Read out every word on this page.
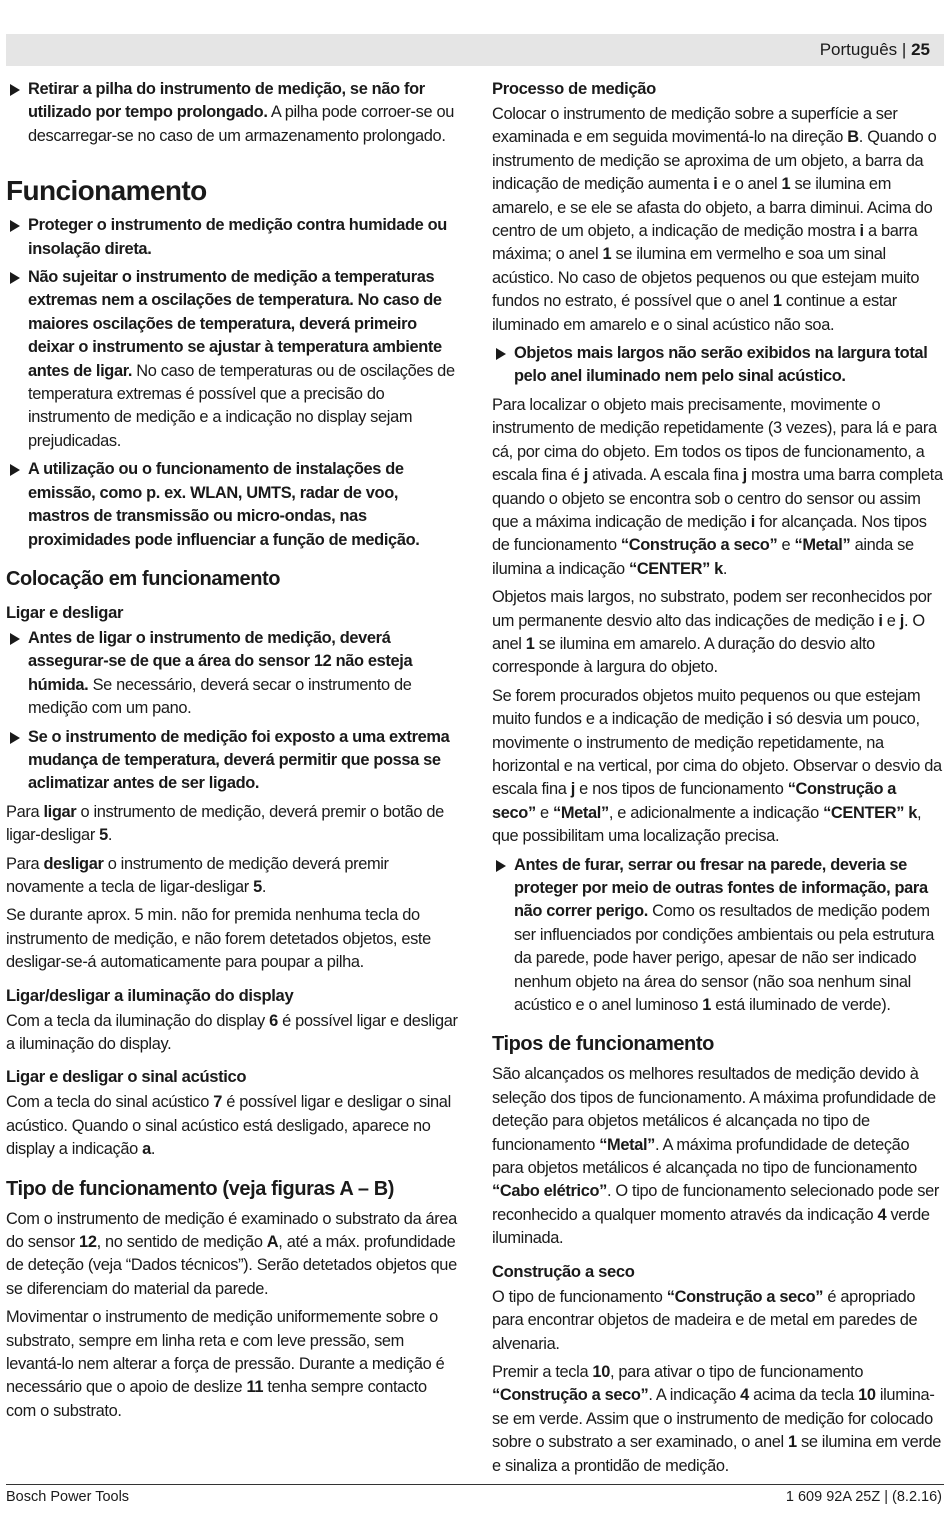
Português | 25

Retirar a pilha do instrumento de medição, se não for utilizado por tempo prolongado. A pilha pode corroer-se ou descarregar-se no caso de um armazenamento prolongado.

Funcionamento

Proteger o instrumento de medição contra humidade ou insolação direta.

Não sujeitar o instrumento de medição a temperaturas extremas nem a oscilações de temperatura. No caso de maiores oscilações de temperatura, deverá primeiro deixar o instrumento se ajustar à temperatura ambiente antes de ligar. No caso de temperaturas ou de oscilações de temperatura extremas é possível que a precisão do instrumento de medição e a indicação no display sejam prejudicadas.

A utilização ou o funcionamento de instalações de emissão, como p. ex. WLAN, UMTS, radar de voo, mastros de transmissão ou micro-ondas, nas proximidades pode influenciar a função de medição.

Colocação em funcionamento
Ligar e desligar

Antes de ligar o instrumento de medição, deverá assegurar-se de que a área do sensor 12 não esteja húmida. Se necessário, deverá secar o instrumento de medição com um pano.

Se o instrumento de medição foi exposto a uma extrema mudança de temperatura, deverá permitir que possa se aclimatizar antes de ser ligado.

Para ligar o instrumento de medição, deverá premir o botão de ligar-desligar 5.

Para desligar o instrumento de medição deverá premir novamente a tecla de ligar-desligar 5.

Se durante aprox. 5 min. não for premida nenhuma tecla do instrumento de medição, e não forem detetados objetos, este desligar-se-á automaticamente para poupar a pilha.

Ligar/desligar a iluminação do display

Com a tecla da iluminação do display 6 é possível ligar e desligar a iluminação do display.

Ligar e desligar o sinal acústico

Com a tecla do sinal acústico 7 é possível ligar e desligar o sinal acústico. Quando o sinal acústico está desligado, aparece no display a indicação a.

Tipo de funcionamento (veja figuras A – B)

Com o instrumento de medição é examinado o substrato da área do sensor 12, no sentido de medição A, até a máx. profundidade de deteção (veja “Dados técnicos”). Serão detetados objetos que se diferenciam do material da parede.

Movimentar o instrumento de medição uniformemente sobre o substrato, sempre em linha reta e com leve pressão, sem levantá-lo nem alterar a força de pressão. Durante a medição é necessário que o apoio de deslize 11 tenha sempre contacto com o substrato.

Processo de medição

Colocar o instrumento de medição sobre a superfície a ser examinada e em seguida movimentá-lo na direção B. Quando o instrumento de medição se aproxima de um objeto, a barra da indicação de medição aumenta i e o anel 1 se ilumina em amarelo, e se ele se afasta do objeto, a barra diminui. Acima do centro de um objeto, a indicação de medição mostra i a barra máxima; o anel 1 se ilumina em vermelho e soa um sinal acústico. No caso de objetos pequenos ou que estejam muito fundos no estrato, é possível que o anel 1 continue a estar iluminado em amarelo e o sinal acústico não soa.

Objetos mais largos não serão exibidos na largura total pelo anel iluminado nem pelo sinal acústico.

Para localizar o objeto mais precisamente, movimente o instrumento de medição repetidamente (3 vezes), para lá e para cá, por cima do objeto. Em todos os tipos de funcionamento, a escala fina é j ativada. A escala fina j mostra uma barra completa quando o objeto se encontra sob o centro do sensor ou assim que a máxima indicação de medição i for alcançada. Nos tipos de funcionamento “Construção a seco” e “Metal” ainda se ilumina a indicação “CENTER” k.

Objetos mais largos, no substrato, podem ser reconhecidos por um permanente desvio alto das indicações de medição i e j. O anel 1 se ilumina em amarelo. A duração do desvio alto corresponde à largura do objeto.

Se forem procurados objetos muito pequenos ou que estejam muito fundos e a indicação de medição i só desvia um pouco, movimente o instrumento de medição repetidamente, na horizontal e na vertical, por cima do objeto. Observar o desvio da escala fina j e nos tipos de funcionamento “Construção a seco” e “Metal”, e adicionalmente a indicação “CENTER” k, que possibilitam uma localização precisa.

Antes de furar, serrar ou fresar na parede, deveria se proteger por meio de outras fontes de informação, para não correr perigo. Como os resultados de medição podem ser influenciados por condições ambientais ou pela estrutura da parede, pode haver perigo, apesar de não ser indicado nenhum objeto na área do sensor (não soa nenhum sinal acústico e o anel luminoso 1 está iluminado de verde).

Tipos de funcionamento

São alcançados os melhores resultados de medição devido à seleção dos tipos de funcionamento. A máxima profundidade de deteção para objetos metálicos é alcançada no tipo de funcionamento “Metal”. A máxima profundidade de deteção para objetos metálicos é alcançada no tipo de funcionamento “Cabo elétrico”. O tipo de funcionamento selecionado pode ser reconhecido a qualquer momento através da indicação 4 verde iluminada.

Construção a seco

O tipo de funcionamento “Construção a seco” é apropriado para encontrar objetos de madeira e de metal em paredes de alvenaria.

Premir a tecla 10, para ativar o tipo de funcionamento “Construção a seco”. A indicação 4 acima da tecla 10 ilumina-se em verde. Assim que o instrumento de medição for colocado sobre o substrato a ser examinado, o anel 1 se ilumina em verde e sinaliza a prontidão de medição.

Bosch Power Tools	1 609 92A 25Z | (8.2.16)
